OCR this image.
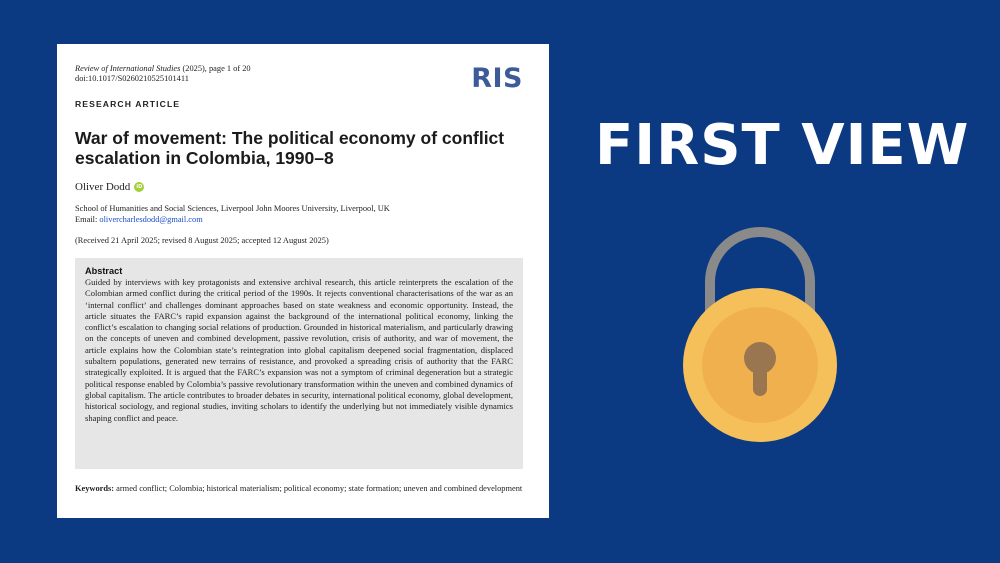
Review of International Studies (2025), page 1 of 20
doi:10.1017/S0260210525101411	RIS
RESEARCH ARTICLE
War of movement: The political economy of conflict escalation in Colombia, 1990–8
Oliver Dodd	iD
School of Humanities and Social Sciences, Liverpool John Moores University, Liverpool, UK
Email: olivercharlesdodd@gmail.com
(Received 21 April 2025; revised 8 August 2025; accepted 12 August 2025)
Abstract
Guided by interviews with key protagonists and extensive archival research, this article reinterprets the escalation of the Colombian armed conflict during the critical period of the 1990s. It rejects conventional characterisations of the war as an ‘internal conflict’ and challenges dominant approaches based on state weakness and economic opportunity. Instead, the article situates the FARC’s rapid expansion against the background of the international political economy, linking the conflict’s escalation to changing social relations of production. Grounded in historical materialism, and particularly drawing on the concepts of uneven and combined development, passive revolution, crisis of authority, and war of movement, the article explains how the Colombian state’s reintegration into global capitalism deepened social fragmentation, displaced subaltern populations, generated new terrains of resistance, and provoked a spreading crisis of authority that the FARC strategically exploited. It is argued that the FARC’s expansion was not a symptom of criminal degeneration but a strategic political response enabled by Colombia’s passive revolutionary transformation within the uneven and combined dynamics of global capitalism. The article contributes to broader debates in security, international political economy, global development, historical sociology, and regional studies, inviting scholars to identify the underlying but not immediately visible dynamics shaping conflict and peace.
Keywords: armed conflict; Colombia; historical materialism; political economy; state formation; uneven and combined development
FIRST VIEW
